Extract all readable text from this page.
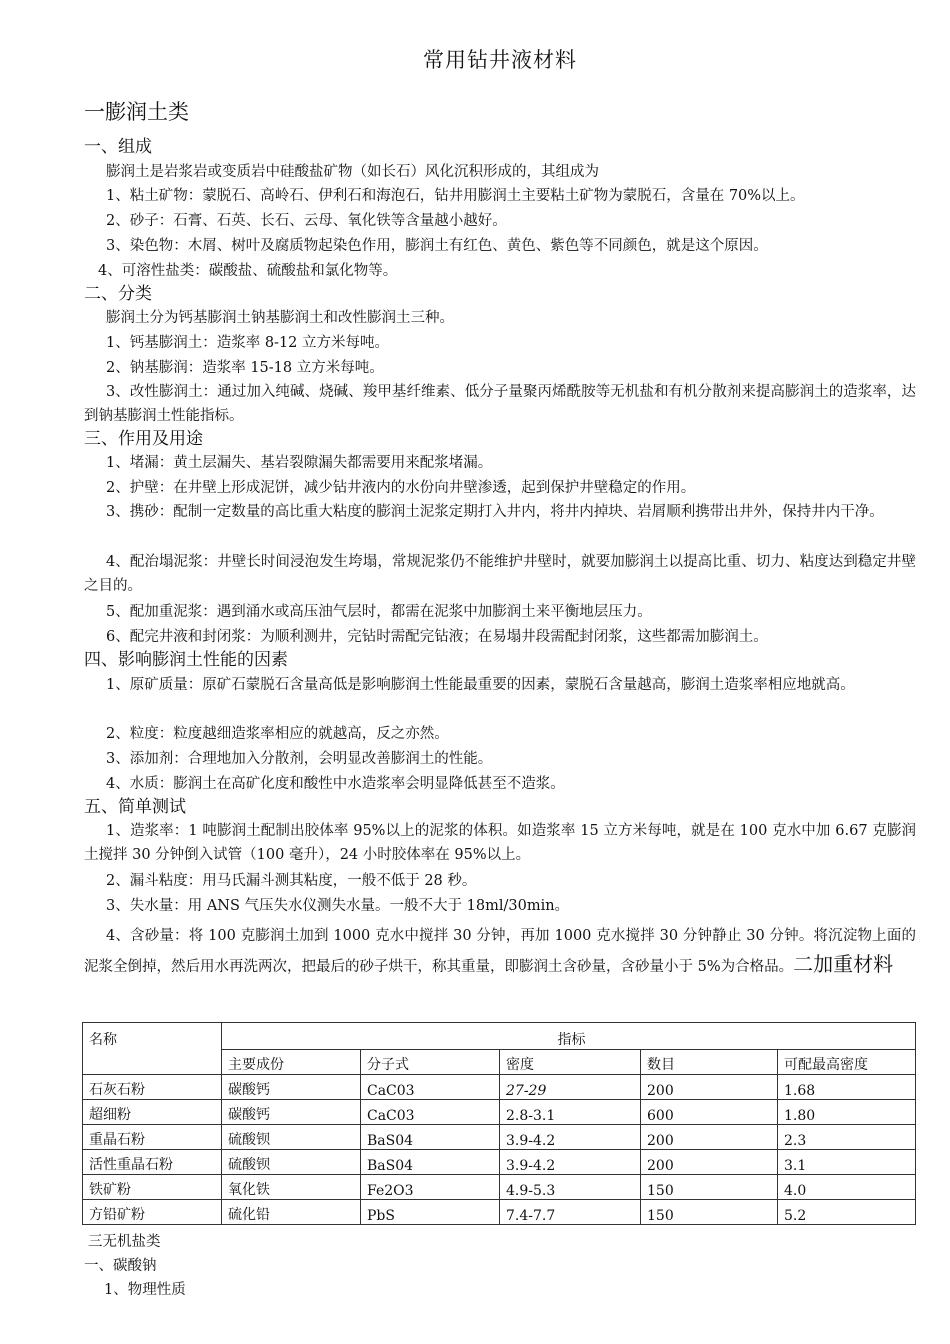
常用钻井液材料
一膨润土类
一、组成
膨润土是岩浆岩或变质岩中硅酸盐矿物（如长石）风化沉积形成的，其组成为
1、粘土矿物：蒙脱石、高岭石、伊利石和海泡石，钻井用膨润土主要粘土矿物为蒙脱石，含量在 70%以上。
2、砂子：石膏、石英、长石、云母、氧化铁等含量越小越好。
3、染色物：木屑、树叶及腐质物起染色作用，膨润土有红色、黄色、紫色等不同颜色，就是这个原因。
4、可溶性盐类：碳酸盐、硫酸盐和氯化物等。
二、分类
膨润土分为钙基膨润土钠基膨润土和改性膨润土三种。
1、钙基膨润土：造浆率 8-12 立方米每吨。
2、钠基膨润：造浆率 15-18 立方米每吨。
3、改性膨润土：通过加入纯碱、烧碱、羧甲基纤维素、低分子量聚丙烯酰胺等无机盐和有机分散剂来提高膨润土的造浆率，达到钠基膨润土性能指标。
三、作用及用途
1、堵漏：黄土层漏失、基岩裂隙漏失都需要用来配浆堵漏。
2、护壁：在井壁上形成泥饼，减少钻井液内的水份向井壁渗透，起到保护井壁稳定的作用。
3、携砂：配制一定数量的高比重大粘度的膨润土泥浆定期打入井内，将井内掉块、岩屑顺利携带出井外，保持井内干净。
4、配治塌泥浆：井壁长时间浸泡发生垮塌，常规泥浆仍不能维护井壁时，就要加膨润土以提高比重、切力、粘度达到稳定井壁之目的。
5、配加重泥浆：遇到涌水或高压油气层时，都需在泥浆中加膨润土来平衡地层压力。
6、配完井液和封闭浆：为顺利测井，完钻时需配完钻液；在易塌井段需配封闭浆，这些都需加膨润土。
四、影响膨润土性能的因素
1、原矿质量：原矿石蒙脱石含量高低是影响膨润土性能最重要的因素，蒙脱石含量越高，膨润土造浆率相应地就高。
2、粒度：粒度越细造浆率相应的就越高，反之亦然。
3、添加剂：合理地加入分散剂，会明显改善膨润土的性能。
4、水质：膨润土在高矿化度和酸性中水造浆率会明显降低甚至不造浆。
五、简单测试
1、造浆率：1 吨膨润土配制出胶体率 95%以上的泥浆的体积。如造浆率 15 立方米每吨，就是在 100 克水中加 6.67 克膨润土搅拌 30 分钟倒入试管（100 毫升），24 小时胶体率在 95%以上。
2、漏斗粘度：用马氏漏斗测其粘度，一般不低于 28 秒。
3、失水量：用 ANS 气压失水仪测失水量。一般不大于 18ml/30min。
4、含砂量：将 100 克膨润土加到 1000 克水中搅拌 30 分钟，再加 1000 克水搅拌 30 分钟静止 30 分钟。将沉淀物上面的泥浆全倒掉，然后用水再洗两次，把最后的砂子烘干，称其重量，即膨润土含砂量，含砂量小于 5%为合格品。二加重材料
名称	指标				
	主要成份	分子式	密度	数目	可配最高密度
石灰石粉	碳酸钙	CaC03	27-29	200	1.68
超细粉	碳酸钙	CaC03	2.8-3.1	600	1.80
重晶石粉	硫酸钡	BaS04	3.9-4.2	200	2.3
活性重晶石粉	硫酸钡	BaS04	3.9-4.2	200	3.1
铁矿粉	氧化铁	Fe2O3	4.9-5.3	150	4.0
方铅矿粉	硫化铅	PbS	7.4-7.7	150	5.2
三无机盐类
一、碳酸钠
1、物理性质
